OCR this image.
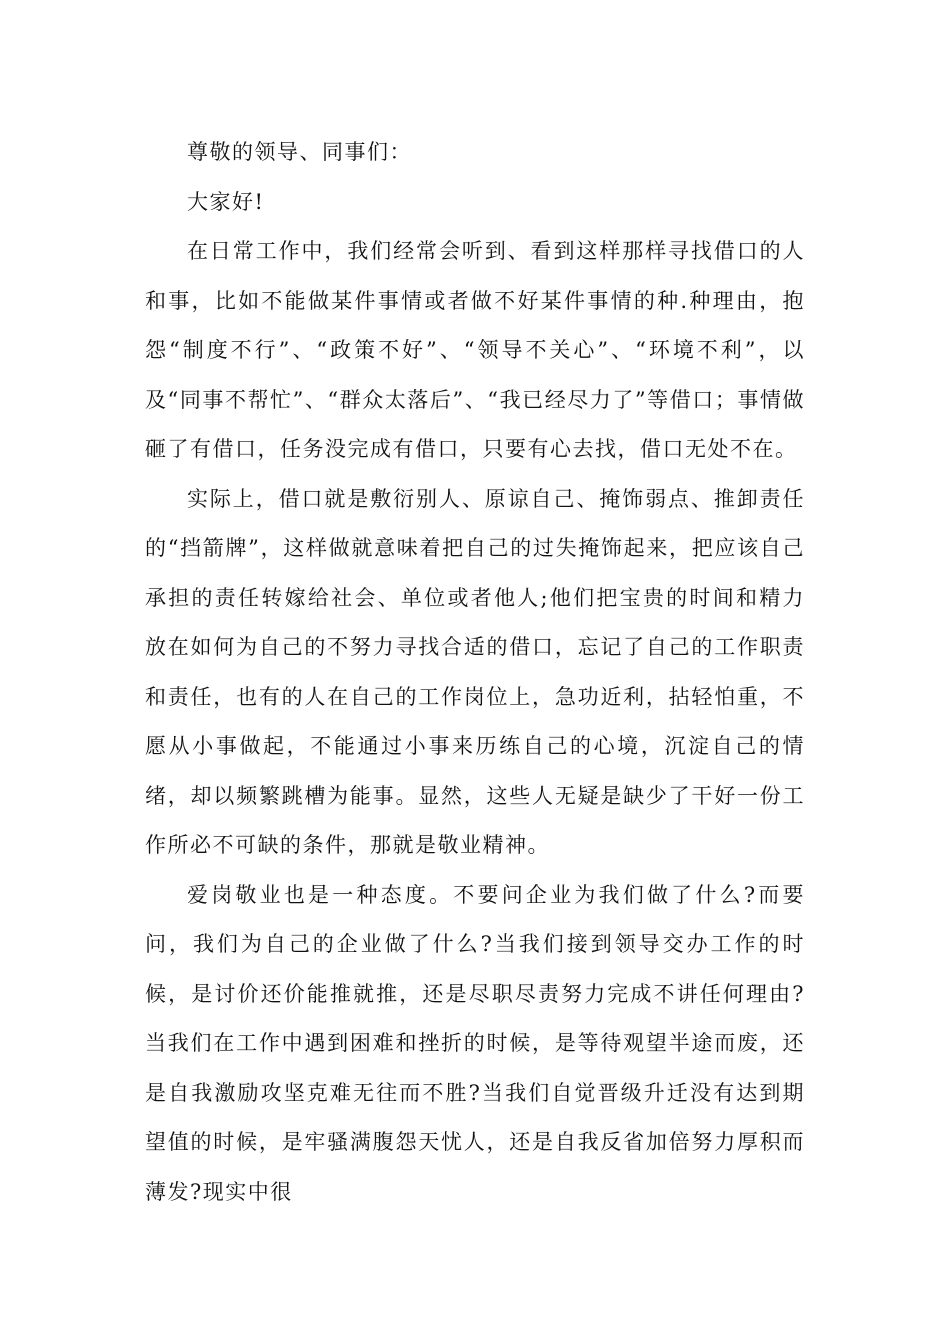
尊敬的领导、同事们：

大家好!

在日常工作中，我们经常会听到、看到这样那样寻找借口的人和事，比如不能做某件事情或者做不好某件事情的种.种理由，抱怨“制度不行”、“政策不好”、“领导不关心”、“环境不利”，以及“同事不帮忙”、“群众太落后”、“我已经尽力了”等借口；事情做砸了有借口，任务没完成有借口，只要有心去找，借口无处不在。

实际上，借口就是敷衍别人、原谅自己、掩饰弱点、推卸责任的“挡箭牌”，这样做就意味着把自己的过失掩饰起来，把应该自己承担的责任转嫁给社会、单位或者他人;他们把宝贵的时间和精力放在如何为自己的不努力寻找合适的借口，忘记了自己的工作职责和责任，也有的人在自己的工作岗位上，急功近利，拈轻怕重，不愿从小事做起，不能通过小事来历练自己的心境，沉淀自己的情绪，却以频繁跳槽为能事。显然，这些人无疑是缺少了干好一份工作所必不可缺的条件，那就是敬业精神。

爱岗敬业也是一种态度。不要问企业为我们做了什么?而要问，我们为自己的企业做了什么?当我们接到领导交办工作的时候，是讨价还价能推就推，还是尽职尽责努力完成不讲任何理由?当我们在工作中遇到困难和挫折的时候，是等待观望半途而废，还是自我激励攻坚克难无往而不胜?当我们自觉晋级升迁没有达到期望值的时候，是牢骚满腹怨天忧人，还是自我反省加倍努力厚积而薄发?现实中很
